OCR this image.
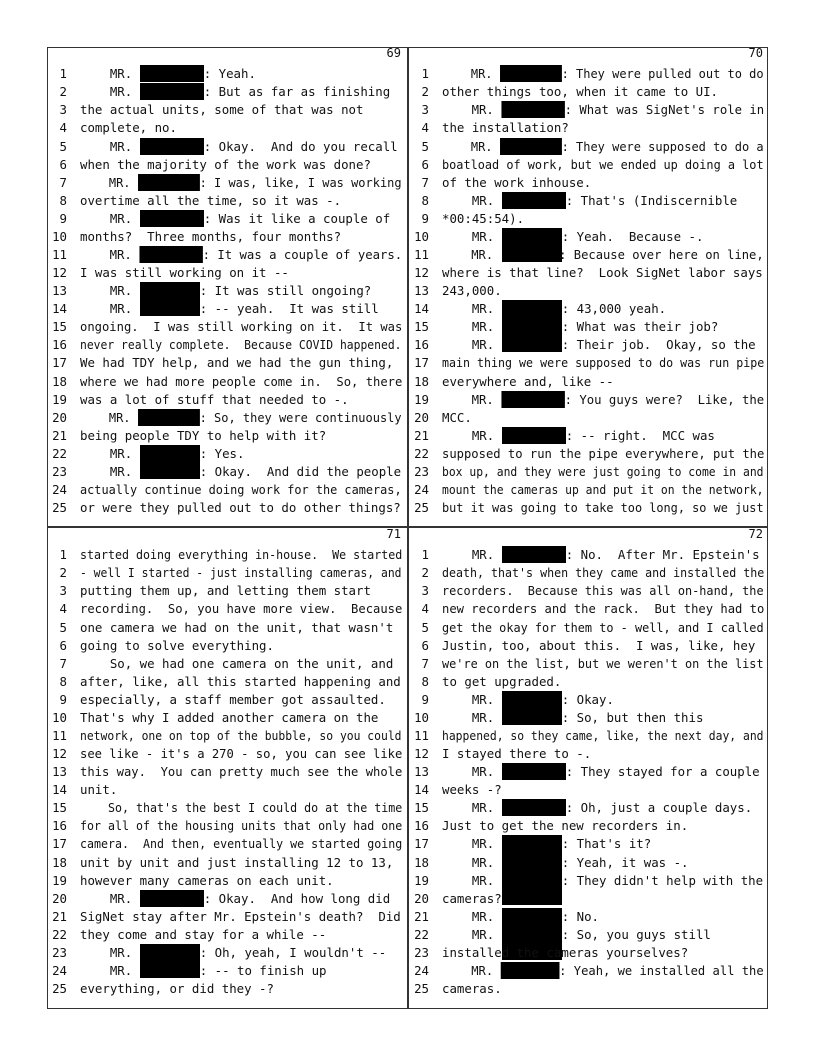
69
1 MR.	: Yeah.
2 MR.	: But as far as finishing
3 the actual units, some of that was not
4 complete, no.
5 MR.	: Okay.  And do you recall
6 when the majority of the work was done?
7 MR.	: I was, like, I was working
8 overtime all the time, so it was -.
9 MR.	: Was it like a couple of
10 months?  Three months, four months?
11 MR.	: It was a couple of years.
12 I was still working on it --
13 MR.	: It was still ongoing?
14 MR.	: -- yeah.  It was still
15 ongoing.  I was still working on it.  It was
16 never really complete.  Because COVID happened.
17 We had TDY help, and we had the gun thing,
18 where we had more people come in.  So, there
19 was a lot of stuff that needed to -.
20 MR.	: So, they were continuously
21 being people TDY to help with it?
22 MR.	: Yes.
23 MR.	: Okay.  And did the people
24 actually continue doing work for the cameras,
25 or were they pulled out to do other things?
70
1 MR.	: They were pulled out to do
2 other things too, when it came to UI.
3 MR.	: What was SigNet's role in
4 the installation?
5 MR.	: They were supposed to do a
6 boatload of work, but we ended up doing a lot
7 of the work inhouse.
8 MR.	: That's (Indiscernible
9 *00:45:54).
10 MR.	: Yeah.  Because -.
11 MR.	: Because over here on line,
12 where is that line?  Look SigNet labor says
13 243,000.
14 MR.	: 43,000 yeah.
15 MR.	: What was their job?
16 MR.	: Their job.  Okay, so the
17 main thing we were supposed to do was run pipe
18 everywhere and, like --
19 MR.	: You guys were?  Like, the
20 MCC.
21 MR.	: -- right.  MCC was
22 supposed to run the pipe everywhere, put the
23 box up, and they were just going to come in and
24 mount the cameras up and put it on the network,
25 but it was going to take too long, so we just
71
1 started doing everything in-house.  We started
2 - well I started - just installing cameras, and
3 putting them up, and letting them start
4 recording.  So, you have more view.  Because
5 one camera we had on the unit, that wasn't
6 going to solve everything.
7 So, we had one camera on the unit, and
8 after, like, all this started happening and
9 especially, a staff member got assaulted.
10 That's why I added another camera on the
11 network, one on top of the bubble, so you could
12 see like - it's a 270 - so, you can see like
13 this way.  You can pretty much see the whole
14 unit.
15 So, that's the best I could do at the time
16 for all of the housing units that only had one
17 camera.  And then, eventually we started going
18 unit by unit and just installing 12 to 13,
19 however many cameras on each unit.
20 MR.	: Okay.  And how long did
21 SigNet stay after Mr. Epstein's death?  Did
22 they come and stay for a while --
23 MR.	: Oh, yeah, I wouldn't --
24 MR.	: -- to finish up
25 everything, or did they -?
72
1 MR.	: No.  After Mr. Epstein's
2 death, that's when they came and installed the
3 recorders.  Because this was all on-hand, the
4 new recorders and the rack.  But they had to
5 get the okay for them to - well, and I called
6 Justin, too, about this.  I was, like, hey
7 we're on the list, but we weren't on the list
8 to get upgraded.
9 MR.	: Okay.
10 MR.	: So, but then this
11 happened, so they came, like, the next day, and
12 I stayed there to -.
13 MR.	: They stayed for a couple
14 weeks -?
15 MR.	: Oh, just a couple days.
16 Just to get the new recorders in.
17 MR.	: That's it?
18 MR.	: Yeah, it was -.
19 MR.	: They didn't help with the
20 cameras?
21 MR.	: No.
22 MR.	: So, you guys still
23 installed the cameras yourselves?
24 MR.	: Yeah, we installed all the
25 cameras.
